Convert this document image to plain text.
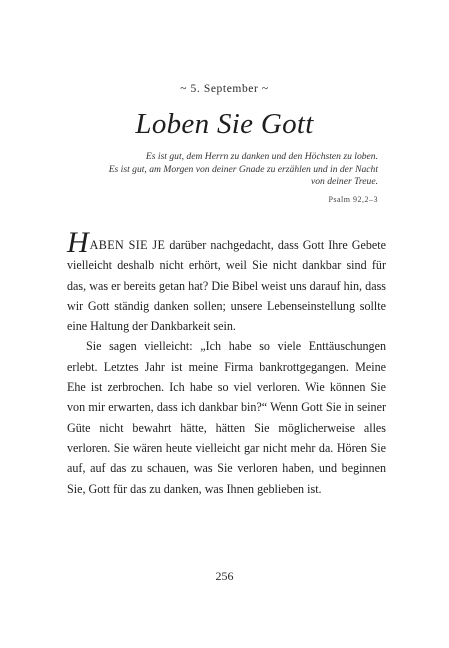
~ 5. September ~
Loben Sie Gott
Es ist gut, dem Herrn zu danken und den Höchsten zu loben.
Es ist gut, am Morgen von deiner Gnade zu erzählen und in der Nacht
von deiner Treue.
Psalm 92,2–3

HABEN SIE JE darüber nachgedacht, dass Gott Ihre Gebete vielleicht deshalb nicht erhört, weil Sie nicht dankbar sind für das, was er bereits getan hat? Die Bibel weist uns darauf hin, dass wir Gott ständig danken sollen; unsere Lebenseinstellung sollte eine Haltung der Dankbarkeit sein.

Sie sagen vielleicht: „Ich habe so viele Enttäuschungen erlebt. Letztes Jahr ist meine Firma bankrottgegangen. Meine Ehe ist zerbrochen. Ich habe so viel verloren. Wie können Sie von mir erwarten, dass ich dankbar bin?“ Wenn Gott Sie in seiner Güte nicht bewahrt hätte, hätten Sie möglicherweise alles verloren. Sie wären heute vielleicht gar nicht mehr da. Hören Sie auf, auf das zu schauen, was Sie verloren haben, und beginnen Sie, Gott für das zu danken, was Ihnen geblieben ist.

256
